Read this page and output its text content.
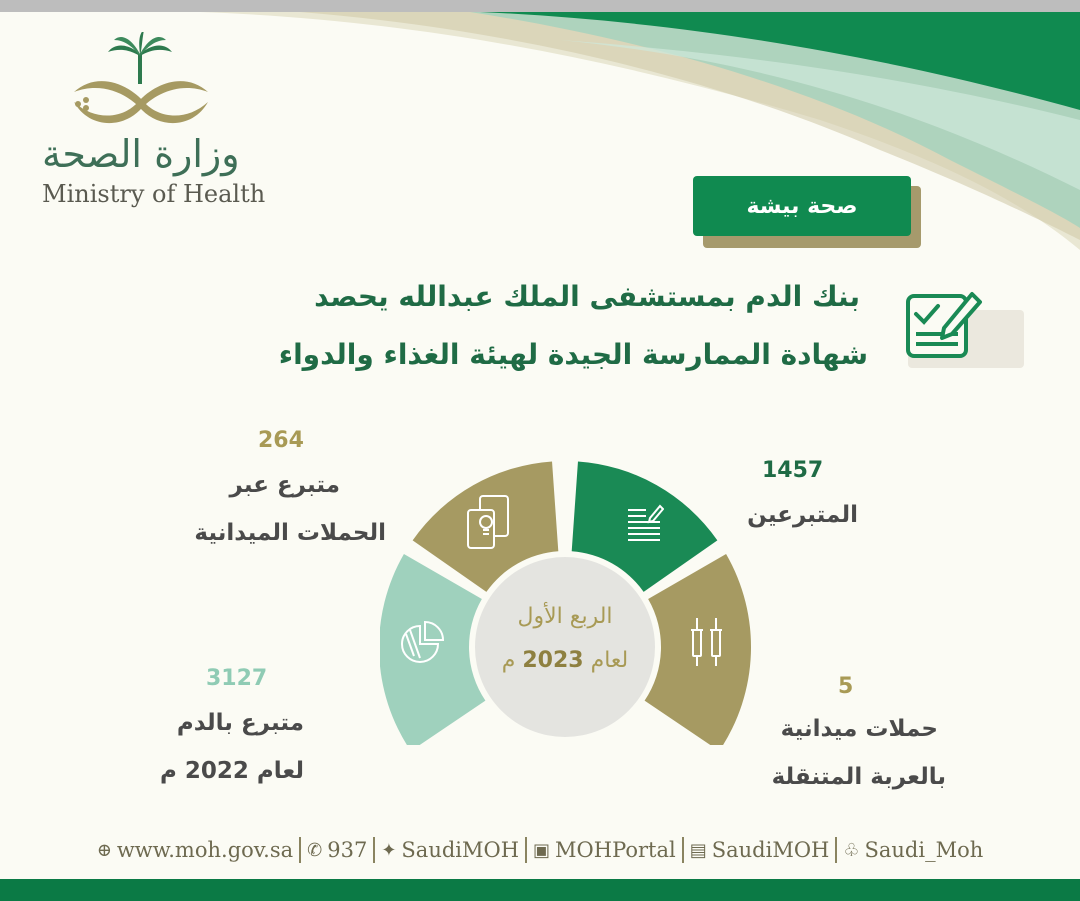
وزارة الصحة
Ministry of Health	صحة بيشة
بنك الدم بمستشفى الملك عبدالله يحصد
شهادة الممارسة الجيدة لهيئة الغذاء والدواء
الربع الأول
لعام 2023 م
1457
المتبرعين
264
متبرع عبر
الحملات الميدانية
5
حملات ميدانية
بالعربة المتنقلة
3127
متبرع بالدم
لعام 2022 م
⊕ www.moh.gov.sa ✆ 937 ✦ SaudiMOH ▣ MOHPortal ▤ SaudiMOH ♧ Saudi_Moh
